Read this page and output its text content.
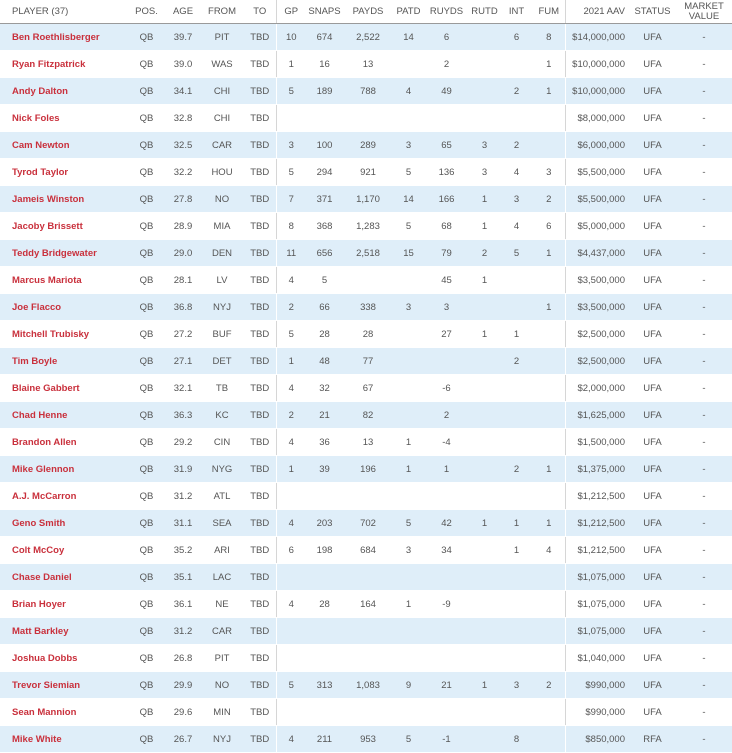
PLAYER (37)	POS.	AGE	FROM	TO	GP	SNAPS	PAYDS	PATD	RUYDS	RUTD	INT	FUM	2021 AAV	STATUS	MARKET
VALUE
Ben Roethlisberger	QB	39.7	PIT	TBD	10	674	2,522	14	6		6	8	$14,000,000	UFA	-
Ryan Fitzpatrick	QB	39.0	WAS	TBD	1	16	13		2			1	$10,000,000	UFA	-
Andy Dalton	QB	34.1	CHI	TBD	5	189	788	4	49		2	1	$10,000,000	UFA	-
Nick Foles	QB	32.8	CHI	TBD									$8,000,000	UFA	-
Cam Newton	QB	32.5	CAR	TBD	3	100	289	3	65	3	2		$6,000,000	UFA	-
Tyrod Taylor	QB	32.2	HOU	TBD	5	294	921	5	136	3	4	3	$5,500,000	UFA	-
Jameis Winston	QB	27.8	NO	TBD	7	371	1,170	14	166	1	3	2	$5,500,000	UFA	-
Jacoby Brissett	QB	28.9	MIA	TBD	8	368	1,283	5	68	1	4	6	$5,000,000	UFA	-
Teddy Bridgewater	QB	29.0	DEN	TBD	11	656	2,518	15	79	2	5	1	$4,437,000	UFA	-
Marcus Mariota	QB	28.1	LV	TBD	4	5			45	1			$3,500,000	UFA	-
Joe Flacco	QB	36.8	NYJ	TBD	2	66	338	3	3			1	$3,500,000	UFA	-
Mitchell Trubisky	QB	27.2	BUF	TBD	5	28	28		27	1	1		$2,500,000	UFA	-
Tim Boyle	QB	27.1	DET	TBD	1	48	77				2		$2,500,000	UFA	-
Blaine Gabbert	QB	32.1	TB	TBD	4	32	67		-6				$2,000,000	UFA	-
Chad Henne	QB	36.3	KC	TBD	2	21	82		2				$1,625,000	UFA	-
Brandon Allen	QB	29.2	CIN	TBD	4	36	13	1	-4				$1,500,000	UFA	-
Mike Glennon	QB	31.9	NYG	TBD	1	39	196	1	1		2	1	$1,375,000	UFA	-
A.J. McCarron	QB	31.2	ATL	TBD									$1,212,500	UFA	-
Geno Smith	QB	31.1	SEA	TBD	4	203	702	5	42	1	1	1	$1,212,500	UFA	-
Colt McCoy	QB	35.2	ARI	TBD	6	198	684	3	34		1	4	$1,212,500	UFA	-
Chase Daniel	QB	35.1	LAC	TBD									$1,075,000	UFA	-
Brian Hoyer	QB	36.1	NE	TBD	4	28	164	1	-9				$1,075,000	UFA	-
Matt Barkley	QB	31.2	CAR	TBD									$1,075,000	UFA	-
Joshua Dobbs	QB	26.8	PIT	TBD									$1,040,000	UFA	-
Trevor Siemian	QB	29.9	NO	TBD	5	313	1,083	9	21	1	3	2	$990,000	UFA	-
Sean Mannion	QB	29.6	MIN	TBD									$990,000	UFA	-
Mike White	QB	26.7	NYJ	TBD	4	211	953	5	-1		8		$850,000	RFA	-
